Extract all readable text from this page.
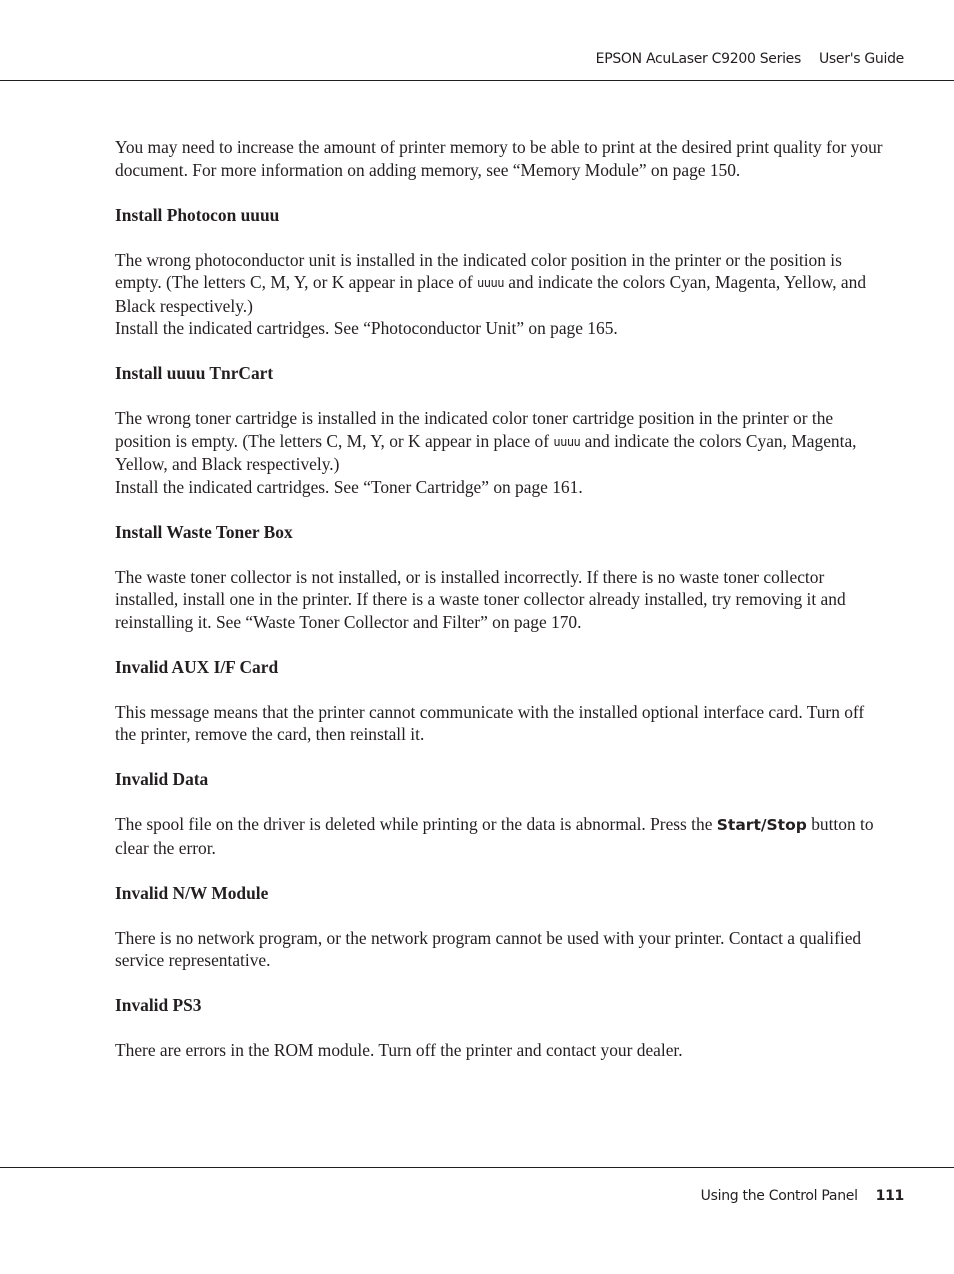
EPSON AcuLaser C9200 Series User's Guide

You may need to increase the amount of printer memory to be able to print at the desired print quality for your document. For more information on adding memory, see “Memory Module” on page 150.

Install Photocon uuuu

The wrong photoconductor unit is installed in the indicated color position in the printer or the position is empty. (The letters C, M, Y, or K appear in place of uuuu and indicate the colors Cyan, Magenta, Yellow, and Black respectively.)

Install the indicated cartridges. See “Photoconductor Unit” on page 165.

Install uuuu TnrCart

The wrong toner cartridge is installed in the indicated color toner cartridge position in the printer or the position is empty. (The letters C, M, Y, or K appear in place of uuuu and indicate the colors Cyan, Magenta, Yellow, and Black respectively.)

Install the indicated cartridges. See “Toner Cartridge” on page 161.

Install Waste Toner Box

The waste toner collector is not installed, or is installed incorrectly. If there is no waste toner collector installed, install one in the printer. If there is a waste toner collector already installed, try removing it and reinstalling it. See “Waste Toner Collector and Filter” on page 170.

Invalid AUX I/F Card

This message means that the printer cannot communicate with the installed optional interface card. Turn off the printer, remove the card, then reinstall it.

Invalid Data

The spool file on the driver is deleted while printing or the data is abnormal. Press the Start/Stop button to clear the error.

Invalid N/W Module

There is no network program, or the network program cannot be used with your printer. Contact a qualified service representative.

Invalid PS3

There are errors in the ROM module. Turn off the printer and contact your dealer.

Using the Control Panel 111
